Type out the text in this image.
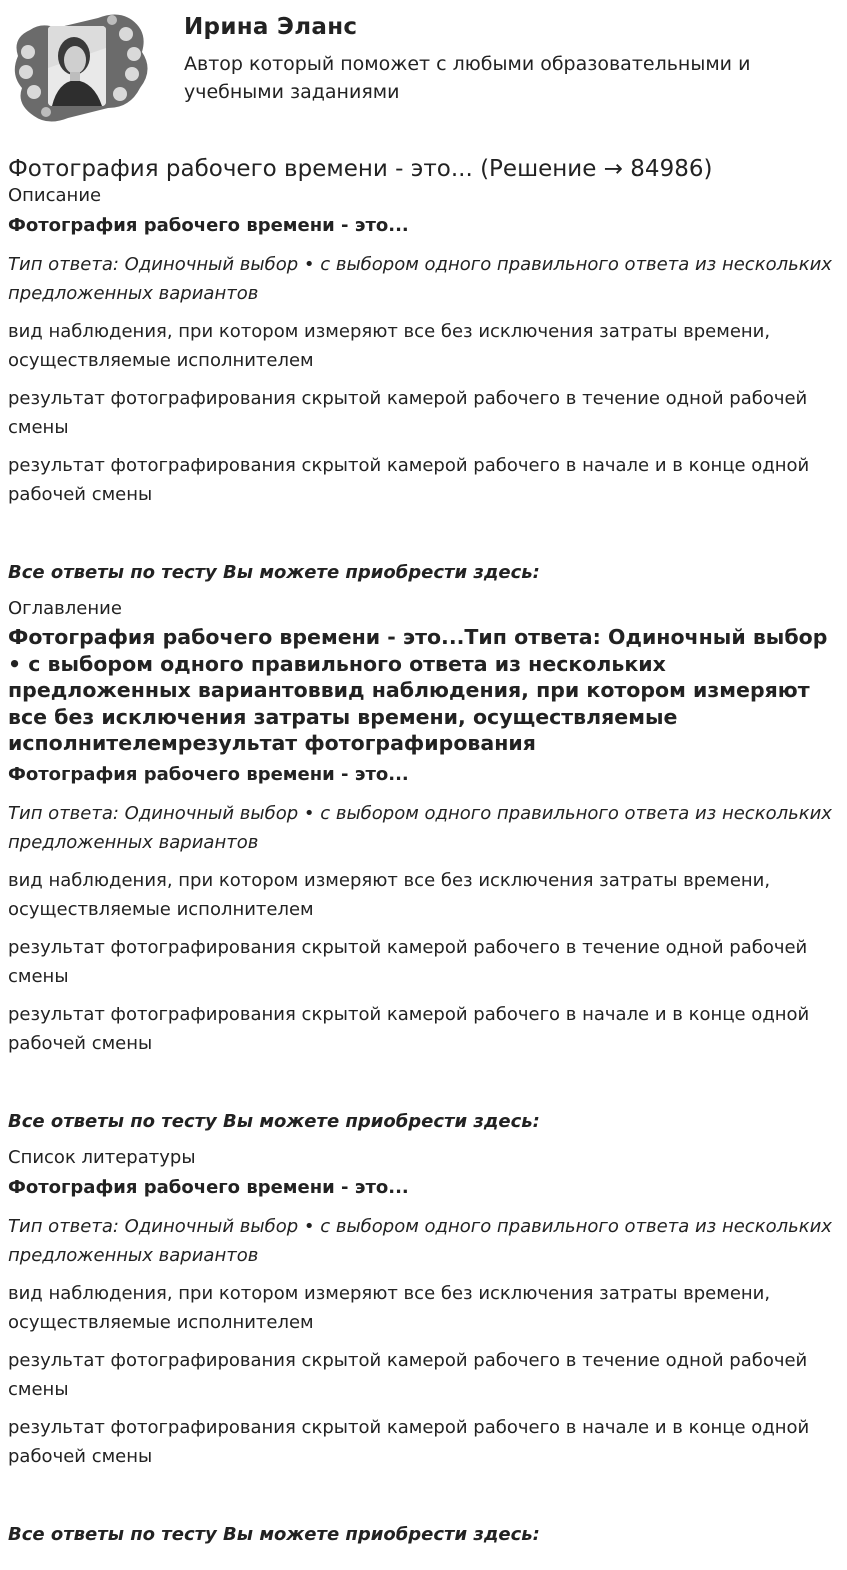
Ирина Эланс
Автор который поможет с любыми образовательными и учебными заданиями
Фотография рабочего времени - это... (Решение → 84986)
Описание
Фотография рабочего времени - это...
Тип ответа: Одиночный выбор • с выбором одного правильного ответа из нескольких предложенных вариантов
вид наблюдения, при котором измеряют все без исключения затраты времени, осуществляемые исполнителем
результат фотографирования скрытой камерой рабочего в течение одной рабочей смены
результат фотографирования скрытой камерой рабочего в начале и в конце одной рабочей смены
Все ответы по тесту Вы можете приобрести здесь:
Оглавление
Фотография рабочего времени - это...Тип ответа: Одиночный выбор • с выбором одного правильного ответа из нескольких предложенных вариантоввид наблюдения, при котором измеряют все без исключения затраты времени, осуществляемые исполнителемрезультат фотографирования
Фотография рабочего времени - это...
Тип ответа: Одиночный выбор • с выбором одного правильного ответа из нескольких предложенных вариантов
вид наблюдения, при котором измеряют все без исключения затраты времени, осуществляемые исполнителем
результат фотографирования скрытой камерой рабочего в течение одной рабочей смены
результат фотографирования скрытой камерой рабочего в начале и в конце одной рабочей смены
Все ответы по тесту Вы можете приобрести здесь:
Список литературы
Фотография рабочего времени - это...
Тип ответа: Одиночный выбор • с выбором одного правильного ответа из нескольких предложенных вариантов
вид наблюдения, при котором измеряют все без исключения затраты времени, осуществляемые исполнителем
результат фотографирования скрытой камерой рабочего в течение одной рабочей смены
результат фотографирования скрытой камерой рабочего в начале и в конце одной рабочей смены
Все ответы по тесту Вы можете приобрести здесь:
